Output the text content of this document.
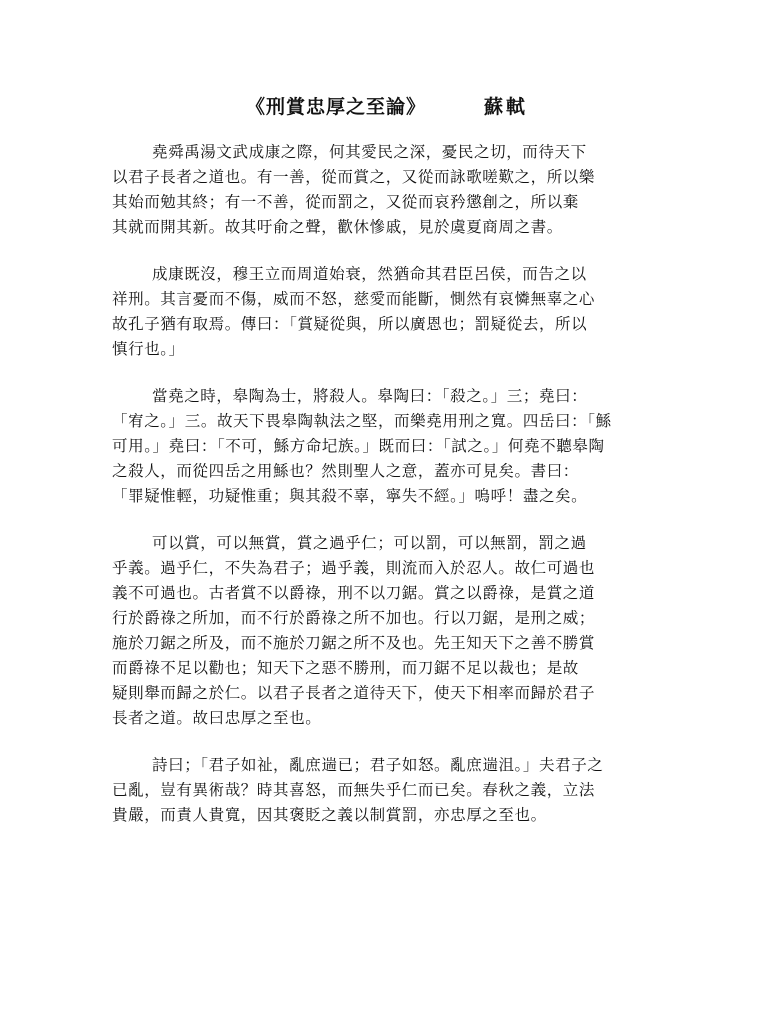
《刑賞忠厚之至論》	蘇軾
堯舜禹湯文武成康之際，何其愛民之深，憂民之切，而待天下
以君子長者之道也。有一善，從而賞之，又從而詠歌嗟歎之，所以樂
其始而勉其終；有一不善，從而罰之，又從而哀矜懲創之，所以棄
其就而開其新。故其吁俞之聲，歡休慘戚，見於虞夏商周之書。
成康既沒，穆王立而周道始衰，然猶命其君臣呂侯，而告之以
祥刑。其言憂而不傷，威而不怒，慈愛而能斷，惻然有哀憐無辜之心
故孔子猶有取焉。傳曰：「賞疑從與，所以廣恩也；罰疑從去，所以
慎行也。」
當堯之時，皋陶為士，將殺人。皋陶曰：「殺之。」三；堯曰：
「宥之。」三。故天下畏皋陶執法之堅，而樂堯用刑之寬。四岳曰：「鯀
可用。」堯曰：「不可，鯀方命圮族。」既而曰：「試之。」何堯不聽皋陶
之殺人，而從四岳之用鯀也？然則聖人之意，蓋亦可見矣。書曰：
「罪疑惟輕，功疑惟重；與其殺不辜，寧失不經。」嗚呼！盡之矣。
可以賞，可以無賞，賞之過乎仁；可以罰，可以無罰，罰之過
乎義。過乎仁，不失為君子；過乎義，則流而入於忍人。故仁可過也
義不可過也。古者賞不以爵祿，刑不以刀鋸。賞之以爵祿，是賞之道
行於爵祿之所加，而不行於爵祿之所不加也。行以刀鋸，是刑之威；
施於刀鋸之所及，而不施於刀鋸之所不及也。先王知天下之善不勝賞
而爵祿不足以勸也；知天下之惡不勝刑，而刀鋸不足以裁也；是故
疑則舉而歸之於仁。以君子長者之道待天下，使天下相率而歸於君子
長者之道。故曰忠厚之至也。
詩曰；「君子如祉，亂庶遄已；君子如怒。亂庶遄沮。」夫君子之
已亂，豈有異術哉？時其喜怒，而無失乎仁而已矣。春秋之義，立法
貴嚴，而責人貴寬，因其褒貶之義以制賞罰，亦忠厚之至也。
